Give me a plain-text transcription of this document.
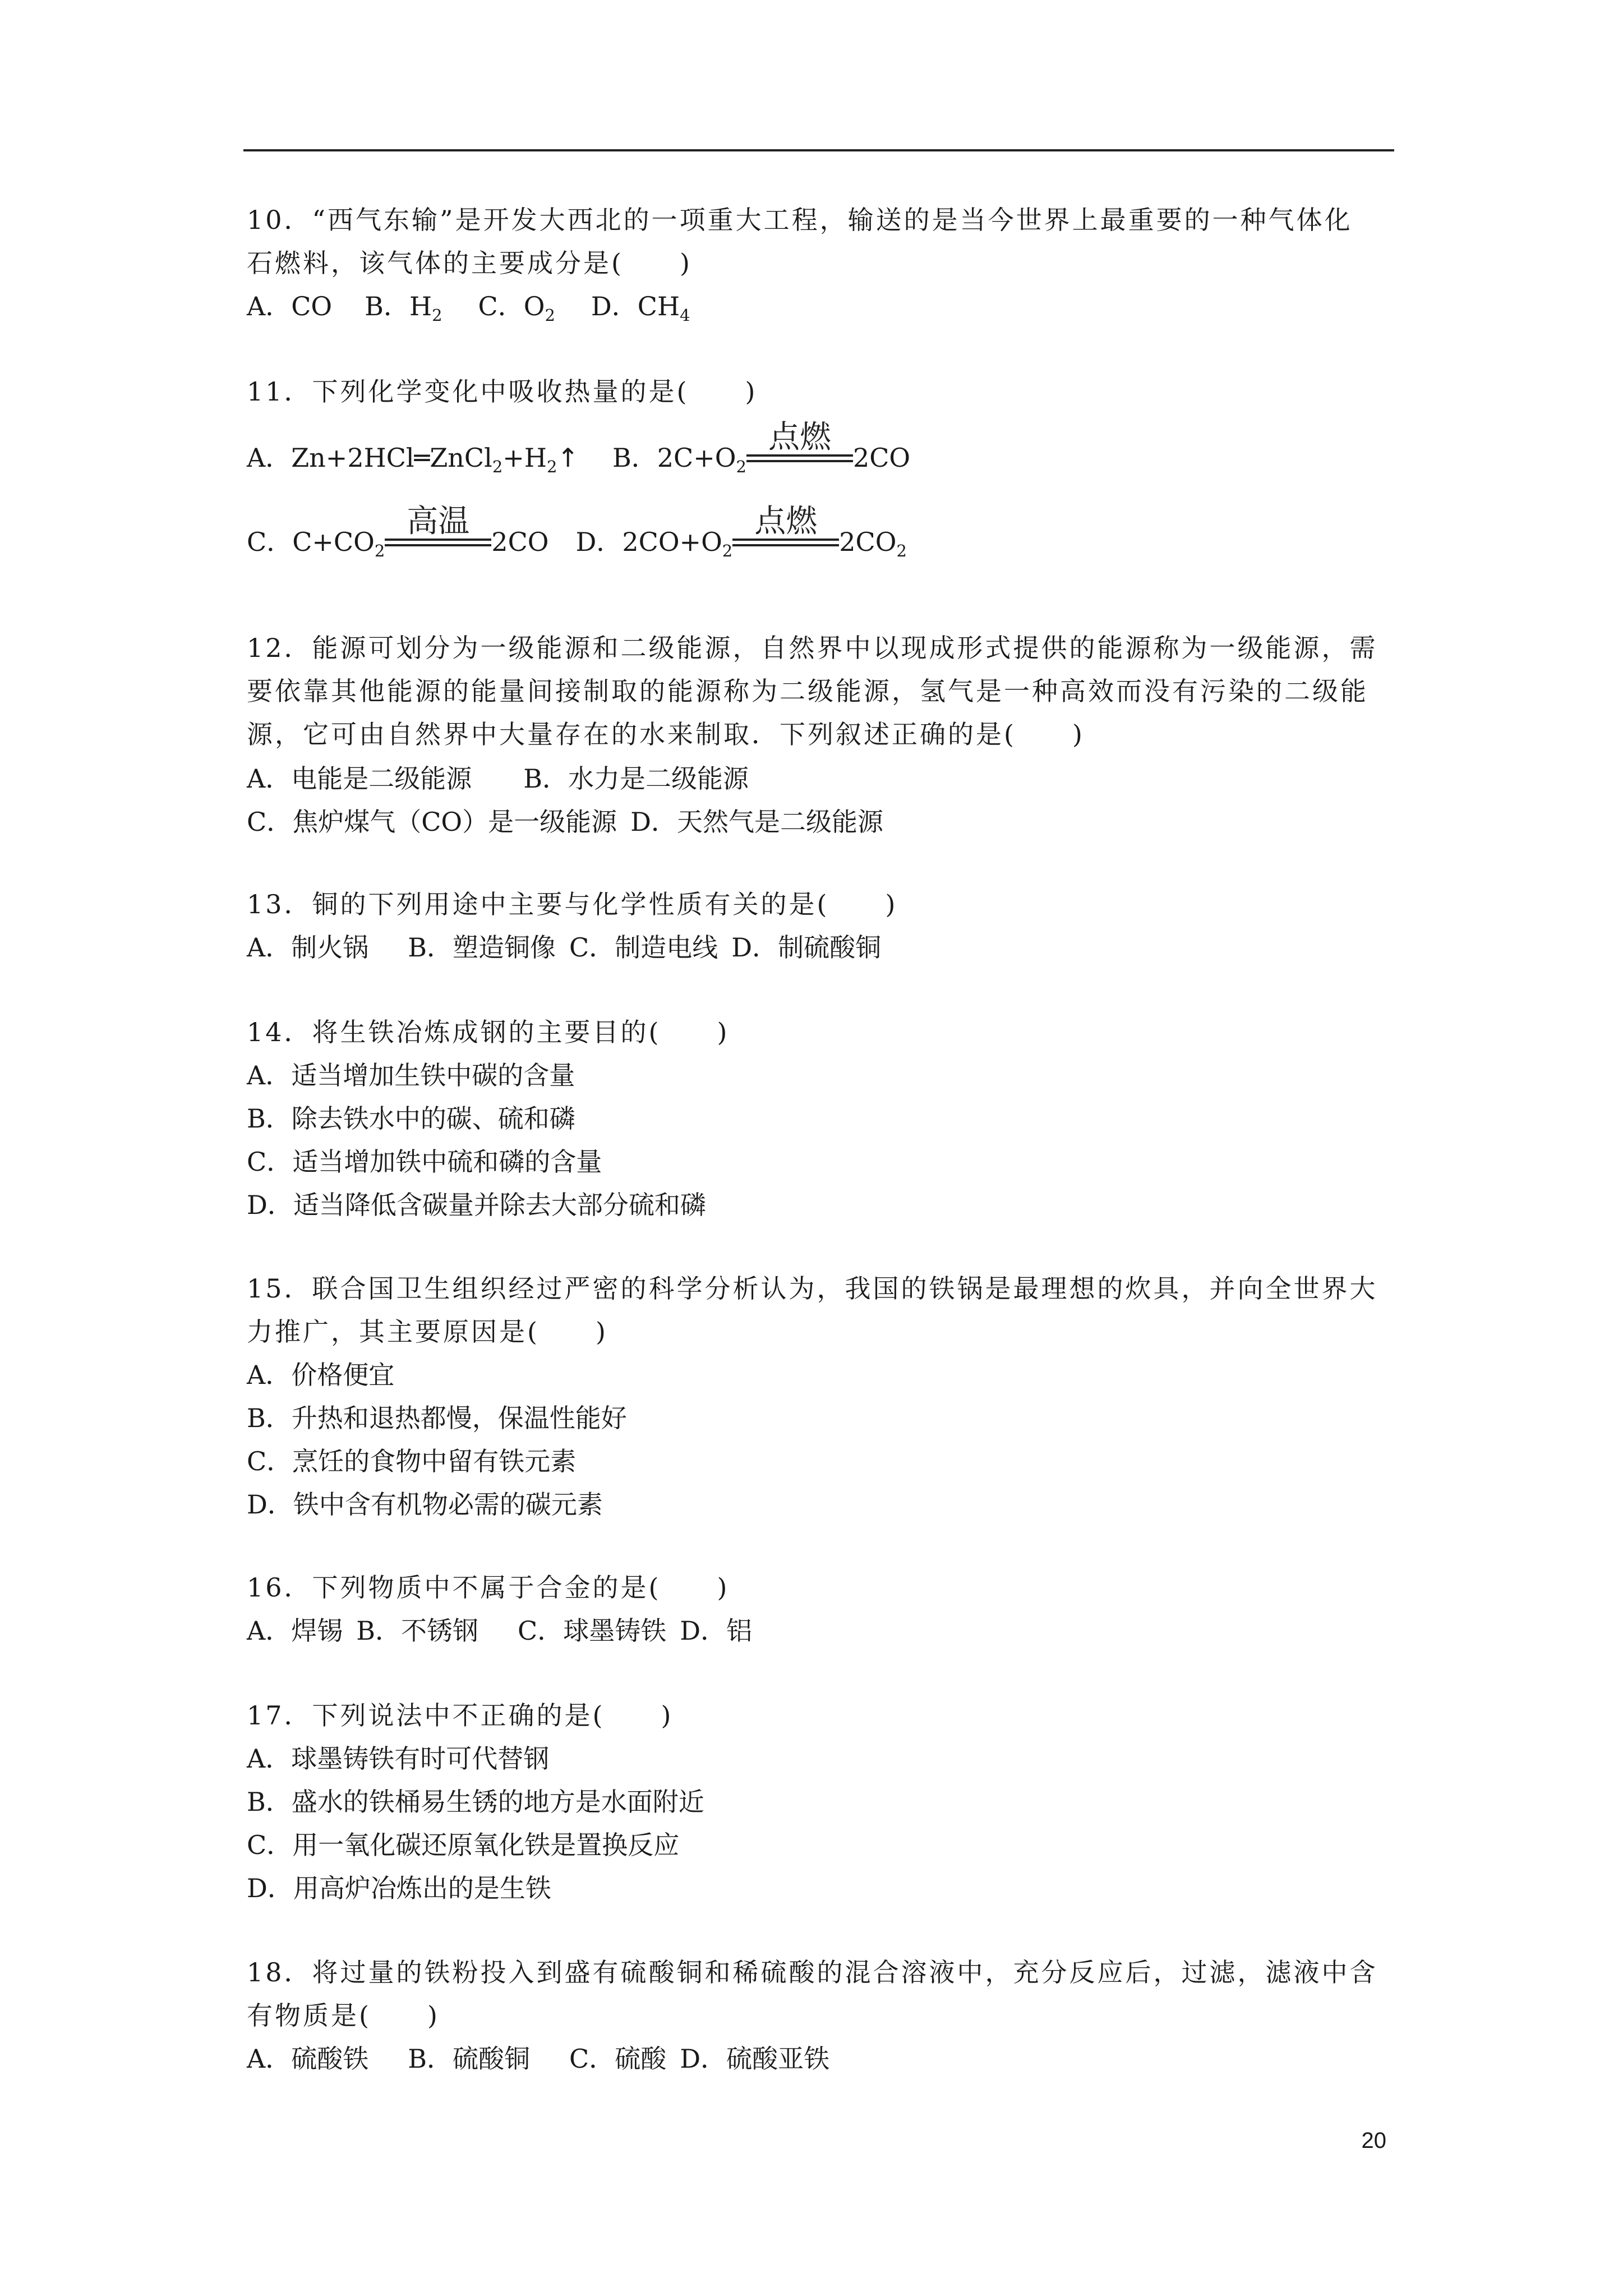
10．“西气东输”是开发大西北的一项重大工程，输送的是当今世界上最重要的一种气体化
石燃料，该气体的主要成分是(　　)
A．CO B．$H_2$ C．$O_2$ D．$CH_4$
11．下列化学变化中吸收热量的是(　　)
A．$Zn+2HCl═ZnCl_2+H_2↑$ B．$2C+O_2$
点燃
2CO
C．$C+CO_2$
高温
2CO D．$2CO+O_2$
点燃
$2CO_2$
12．能源可划分为一级能源和二级能源，自然界中以现成形式提供的能源称为一级能源，需
要依靠其他能源的能量间接制取的能源称为二级能源，氢气是一种高效而没有污染的二级能
源，它可由自然界中大量存在的水来制取．下列叙述正确的是(　　)
A．电能是二级能源 B．水力是二级能源
C．焦炉煤气（CO）是一级能源 D．天然气是二级能源
13．铜的下列用途中主要与化学性质有关的是(　　)
A．制火锅 B．塑造铜像 C．制造电线 D．制硫酸铜
14．将生铁冶炼成钢的主要目的(　　)
A．适当增加生铁中碳的含量
B．除去铁水中的碳、硫和磷
C．适当增加铁中硫和磷的含量
D．适当降低含碳量并除去大部分硫和磷
15．联合国卫生组织经过严密的科学分析认为，我国的铁锅是最理想的炊具，并向全世界大
力推广，其主要原因是(　　)
A．价格便宜
B．升热和退热都慢，保温性能好
C．烹饪的食物中留有铁元素
D．铁中含有机物必需的碳元素
16．下列物质中不属于合金的是(　　)
A．焊锡 B．不锈钢 C．球墨铸铁 D．铝
17．下列说法中不正确的是(　　)
A．球墨铸铁有时可代替钢
B．盛水的铁桶易生锈的地方是水面附近
C．用一氧化碳还原氧化铁是置换反应
D．用高炉冶炼出的是生铁
18．将过量的铁粉投入到盛有硫酸铜和稀硫酸的混合溶液中，充分反应后，过滤，滤液中含
有物质是(　　)
A．硫酸铁 B．硫酸铜 C．硫酸 D．硫酸亚铁
20
